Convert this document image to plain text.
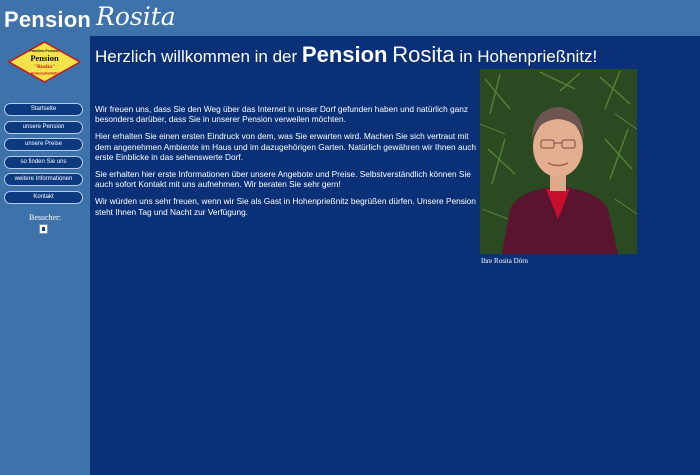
Pension Rosita
Familien-Pension
Pension
"Rosita"
Hohenprießnitz
Startseite
unsere Pension
unsere Preise
so finden Sie uns
weitere Informationen
Kontakt
Besucher:
Herzlich willkommen in der Pension Rosita in Hohenprießnitz!

Wir freuen uns, dass Sie den Weg über das Internet in unser Dorf gefunden haben und natürlich ganz besonders darüber, dass Sie in unserer Pension verweilen möchten.

Hier erhalten Sie einen ersten Eindruck von dem, was Sie erwarten wird. Machen Sie sich vertraut mit dem angenehmen Ambiente im Haus und im dazugehörigen Garten. Natürlich gewähren wir Ihnen auch erste Einblicke in das sehenswerte Dorf.

Sie erhalten hier erste Informationen über unsere Angebote und Preise. Selbstverständlich können Sie auch sofort Kontakt mit uns aufnehmen. Wir beraten Sie sehr gern!

Wir würden uns sehr freuen, wenn wir Sie als Gast in Hohenprießnitz begrüßen dürfen. Unsere Pension steht Ihnen Tag und Nacht zur Verfügung.

Ihre Rosita Dörn
